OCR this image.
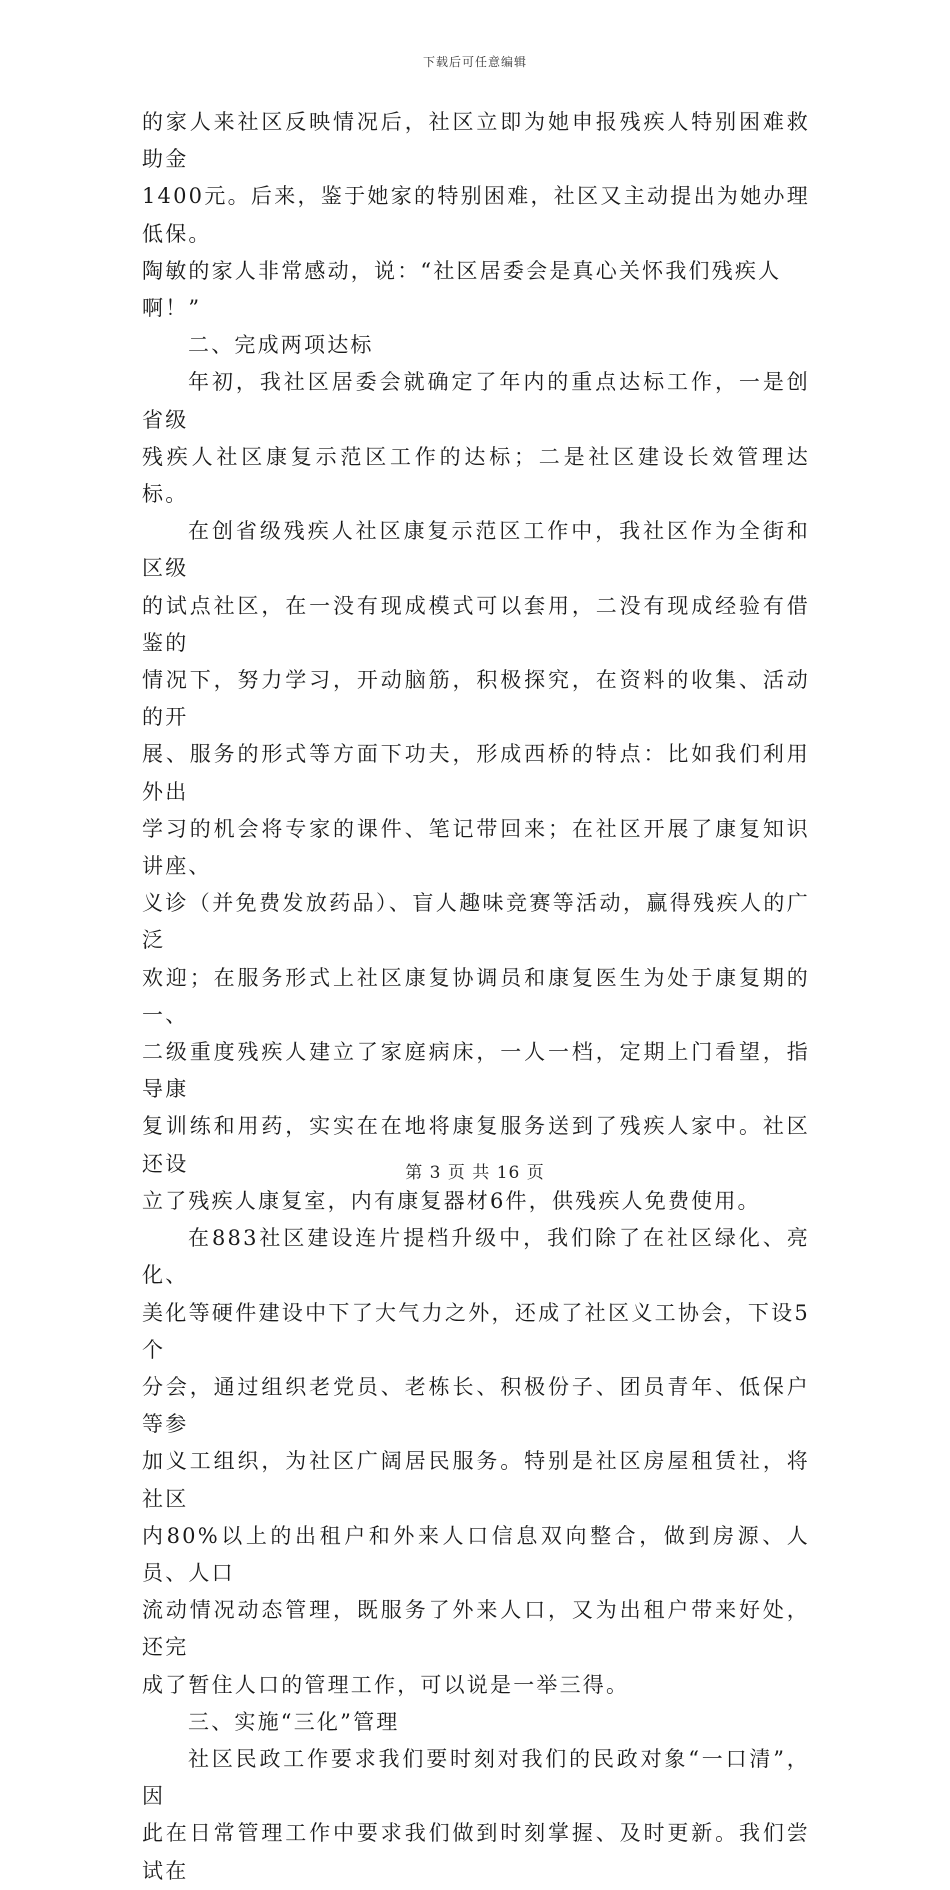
下载后可任意编辑

的家人来社区反映情况后，社区立即为她申报残疾人特别困难救助金
1400元。后来，鉴于她家的特别困难，社区又主动提出为她办理低保。
陶敏的家人非常感动，说：“社区居委会是真心关怀我们残疾人
啊！”

二、完成两项达标

年初，我社区居委会就确定了年内的重点达标工作，一是创省级
残疾人社区康复示范区工作的达标；二是社区建设长效管理达标。

在创省级残疾人社区康复示范区工作中，我社区作为全街和区级
的试点社区，在一没有现成模式可以套用，二没有现成经验有借鉴的
情况下，努力学习，开动脑筋，积极探究，在资料的收集、活动的开
展、服务的形式等方面下功夫，形成西桥的特点：比如我们利用外出
学习的机会将专家的课件、笔记带回来；在社区开展了康复知识讲座、
义诊（并免费发放药品）、盲人趣味竞赛等活动，赢得残疾人的广泛
欢迎；在服务形式上社区康复协调员和康复医生为处于康复期的一、
二级重度残疾人建立了家庭病床，一人一档，定期上门看望，指导康
复训练和用药，实实在在地将康复服务送到了残疾人家中。社区还设
立了残疾人康复室，内有康复器材6件，供残疾人免费使用。

在883社区建设连片提档升级中，我们除了在社区绿化、亮化、
美化等硬件建设中下了大气力之外，还成了社区义工协会，下设5个
分会，通过组织老党员、老栋长、积极份子、团员青年、低保户等参
加义工组织，为社区广阔居民服务。特别是社区房屋租赁社，将社区
内80%以上的出租户和外来人口信息双向整合，做到房源、人员、人口
流动情况动态管理，既服务了外来人口，又为出租户带来好处，还完
成了暂住人口的管理工作，可以说是一举三得。

三、实施“三化”管理

社区民政工作要求我们要时刻对我们的民政对象“一口清”，因
此在日常管理工作中要求我们做到时刻掌握、及时更新。我们尝试在

第 3 页 共 16 页
